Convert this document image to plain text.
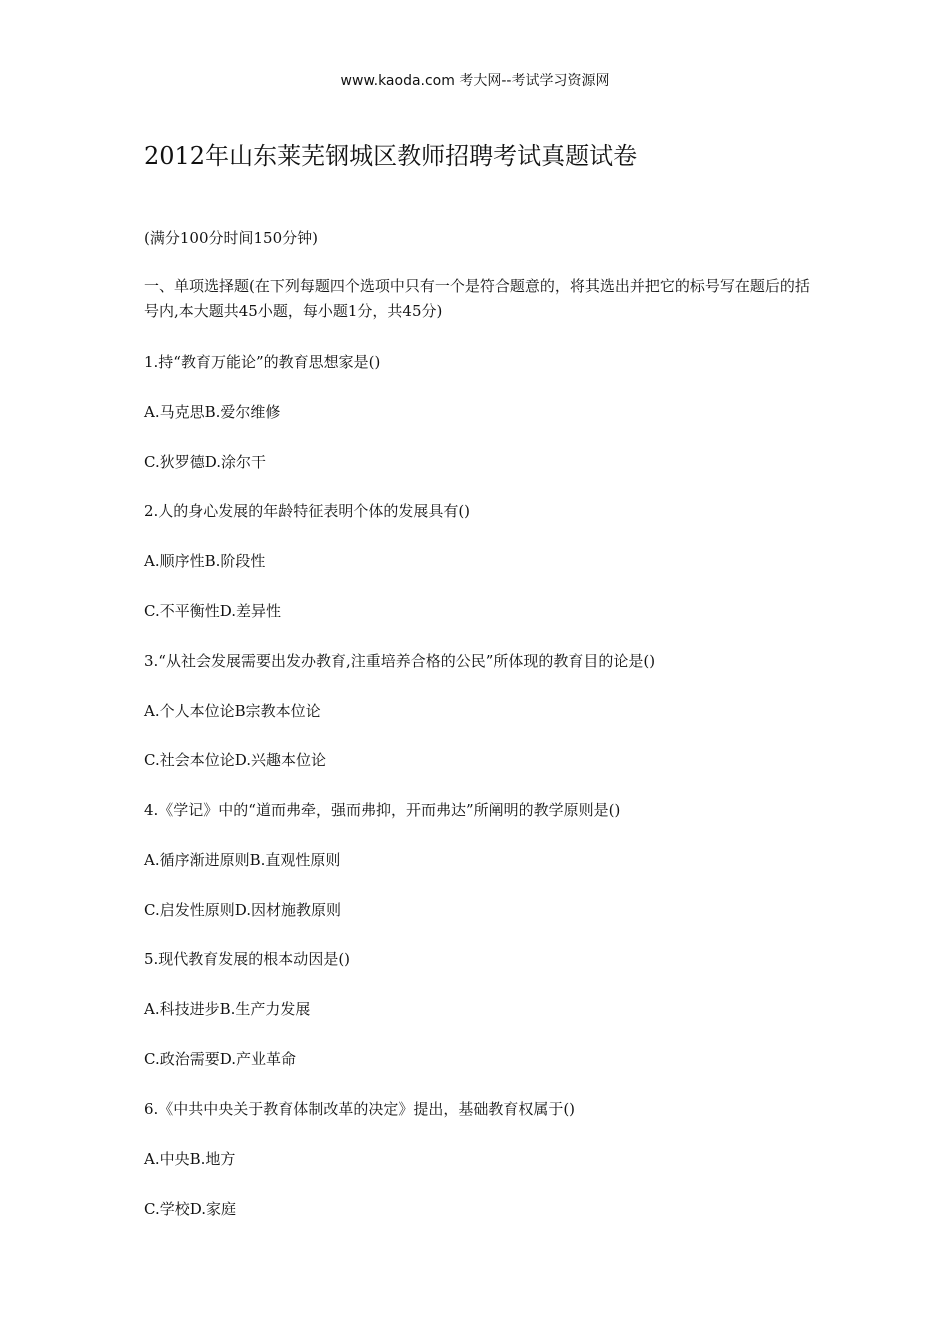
www.kaoda.com 考大网--考试学习资源网
2012年山东莱芜钢城区教师招聘考试真题试卷

(满分100分时间150分钟)

一、单项选择题(在下列每题四个选项中只有一个是符合题意的，将其选出并把它的标号写在题后的括号内,本大题共45小题，每小题1分，共45分)

1.持“教育万能论”的教育思想家是()

A.马克思B.爱尔维修

C.狄罗德D.涂尔干

2.人的身心发展的年龄特征表明个体的发展具有()

A.顺序性B.阶段性

C.不平衡性D.差异性

3.“从社会发展需要出发办教育,注重培养合格的公民”所体现的教育目的论是()

A.个人本位论B宗教本位论

C.社会本位论D.兴趣本位论

4.《学记》中的“道而弗牵，强而弗抑，开而弗达”所阐明的教学原则是()

A.循序渐进原则B.直观性原则

C.启发性原则D.因材施教原则

5.现代教育发展的根本动因是()

A.科技进步B.生产力发展

C.政治需要D.产业革命

6.《中共中央关于教育体制改革的决定》提出，基础教育权属于()

A.中央B.地方

C.学校D.家庭
